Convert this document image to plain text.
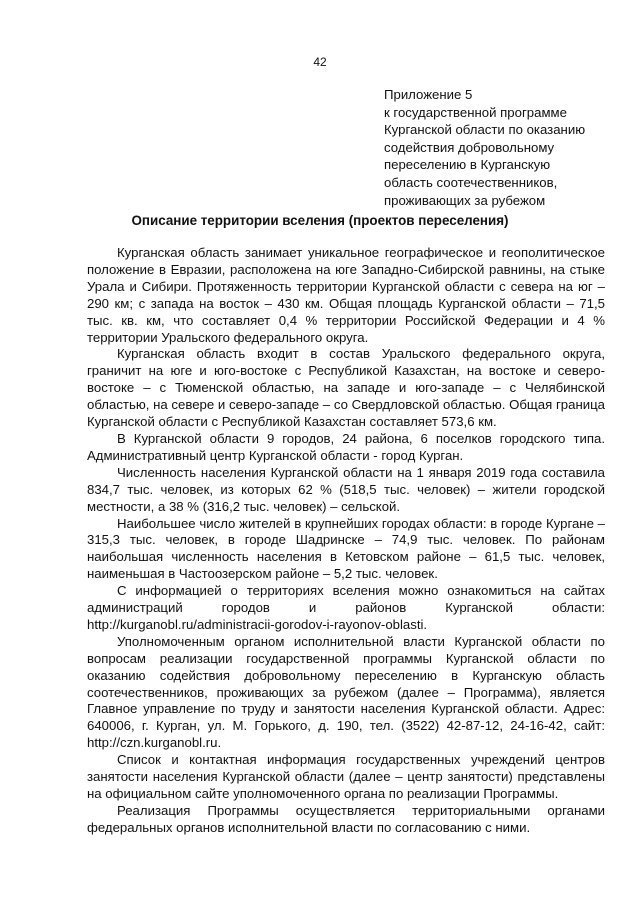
42
Приложение 5
к государственной программе
Курганской области по оказанию
содействия добровольному
переселению в Курганскую
область соотечественников,
проживающих за рубежом
Описание территории вселения (проектов переселения)

Курганская область занимает уникальное географическое и геополитическое положение в Евразии, расположена на юге Западно-Сибирской равнины, на стыке Урала и Сибири. Протяженность территории Курганской области с севера на юг – 290 км; с запада на восток – 430 км. Общая площадь Курганской области – 71,5 тыс. кв. км, что составляет 0,4 % территории Российской Федерации и 4 % территории Уральского федерального округа.

Курганская область входит в состав Уральского федерального округа, граничит на юге и юго-востоке с Республикой Казахстан, на востоке и северо-востоке – с Тюменской областью, на западе и юго-западе – с Челябинской областью, на севере и северо-западе – со Свердловской областью. Общая граница Курганской области с Республикой Казахстан составляет 573,6 км.

В Курганской области 9 городов, 24 района, 6 поселков городского типа. Административный центр Курганской области - город Курган.

Численность населения Курганской области на 1 января 2019 года составила 834,7 тыс. человек, из которых 62 % (518,5 тыс. человек) – жители городской местности, а 38 % (316,2 тыс. человек) – сельской.

Наибольшее число жителей в крупнейших городах области: в городе Кургане – 315,3 тыс. человек, в городе Шадринске – 74,9 тыс. человек. По районам наибольшая численность населения в Кетовском районе – 61,5 тыс. человек, наименьшая в Частоозерском районе – 5,2 тыс. человек.

С информацией о территориях вселения можно ознакомиться на сайтах администраций городов и районов Курганской области: http://kurganobl.ru/administracii-gorodov-i-rayonov-oblasti.

Уполномоченным органом исполнительной власти Курганской области по вопросам реализации государственной программы Курганской области по оказанию содействия добровольному переселению в Курганскую область соотечественников, проживающих за рубежом (далее – Программа), является Главное управление по труду и занятости населения Курганской области. Адрес: 640006, г. Курган, ул. М. Горького, д. 190, тел. (3522) 42-87-12, 24-16-42, сайт: http://czn.kurganobl.ru.

Список и контактная информация государственных учреждений центров занятости населения Курганской области (далее – центр занятости) представлены на официальном сайте уполномоченного органа по реализации Программы.

Реализация Программы осуществляется территориальными органами федеральных органов исполнительной власти по согласованию с ними.
